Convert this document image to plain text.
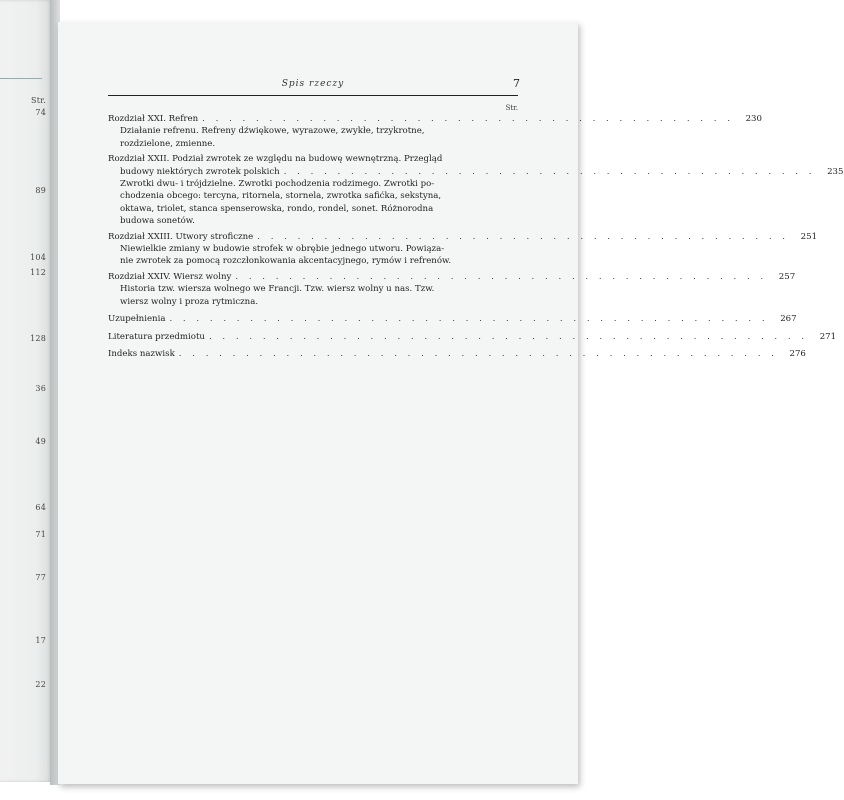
Str.
74
89
104
112
128
36
49
64
71
77
17
22
Spis rzeczy	7
Str.
Rozdział XXI. Refren . . . . . . . . . . . . . . . . . . . . . . . . . . . . . . . . . . . . . . . .	230
Działanie refrenu. Refreny dźwiękowe, wyrazowe, zwykłe, trzykrotne,
rozdzielone, zmienne.
Rozdział XXII. Podział zwrotek ze względu na budowę wewnętrzną. Przegląd
budowy niektórych zwrotek polskich . . . . . . . . . . . . . . . . . . . . . . . . . . . . . . . . . . . . . . . .	235
Zwrotki dwu- i trójdzielne. Zwrotki pochodzenia rodzimego. Zwrotki po-
chodzenia obcego: tercyna, ritornela, stornela, zwrotka safićka, sekstyna,
oktawa, triolet, stanca spenserowska, rondo, rondel, sonet. Różnorodna
budowa sonetów.
Rozdział XXIII. Utwory stroficzne . . . . . . . . . . . . . . . . . . . . . . . . . . . . . . . . . . . . . . . .	251
Niewielkie zmiany w budowie strofek w obrębie jednego utworu. Powiąza-
nie zwrotek za pomocą rozczłonkowania akcentacyjnego, rymów i refrenów.
Rozdział XXIV. Wiersz wolny . . . . . . . . . . . . . . . . . . . . . . . . . . . . . . . . . . . . . . . .	257
Historia tzw. wiersza wolnego we Francji. Tzw. wiersz wolny u nas. Tzw.
wiersz wolny i proza rytmiczna.
Uzupełnienia . . . . . . . . . . . . . . . . . . . . . . . . . . . . . . . . . . . . . . . . . . . . .	267
Literatura przedmiotu . . . . . . . . . . . . . . . . . . . . . . . . . . . . . . . . . . . . . . . . . . . . .	271
Indeks nazwisk . . . . . . . . . . . . . . . . . . . . . . . . . . . . . . . . . . . . . . . . . . . . .	276
